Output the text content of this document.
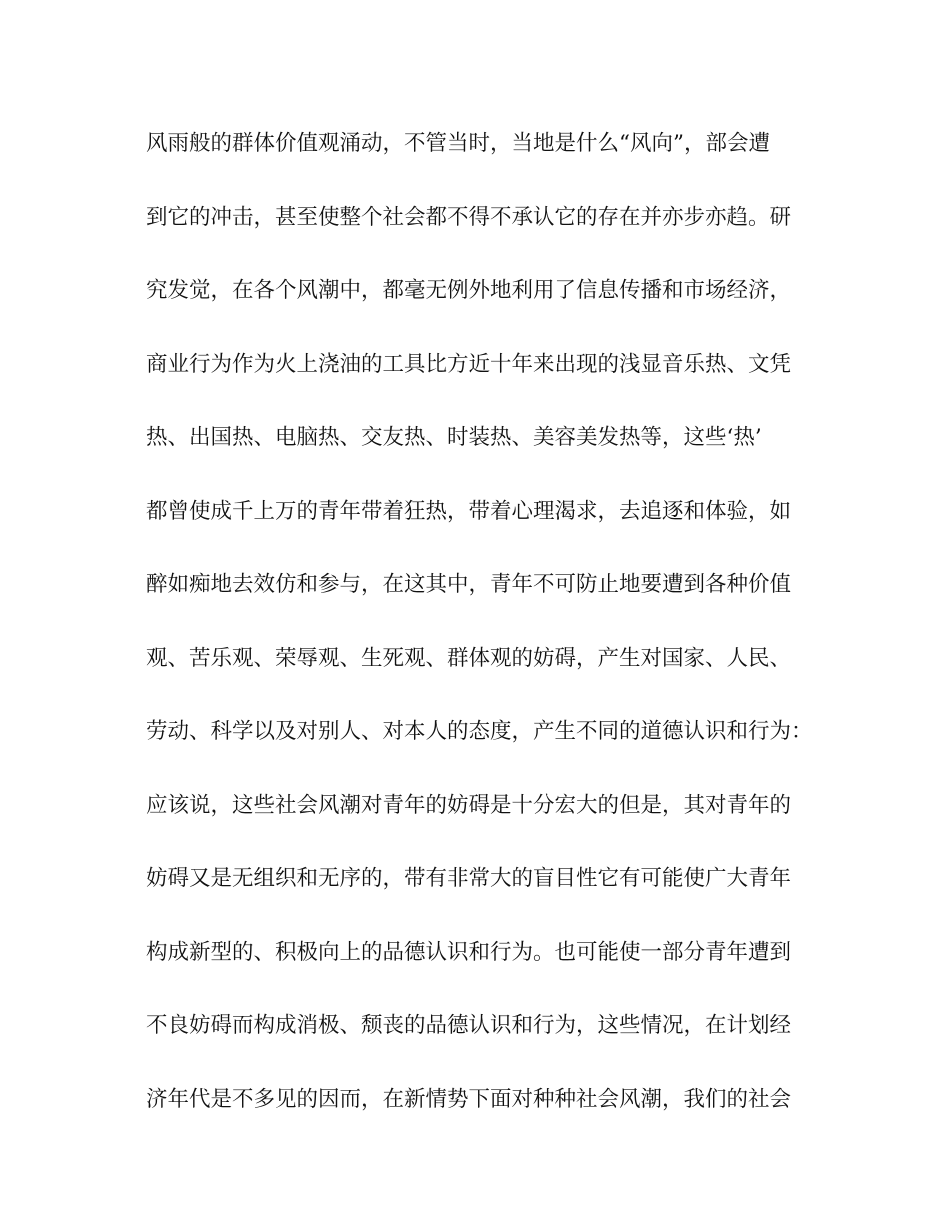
风雨般的群体价值观涌动，不管当时，当地是什么“风向”，部会遭
到它的冲击，甚至使整个社会都不得不承认它的存在并亦步亦趋。研
究发觉，在各个风潮中，都毫无例外地利用了信息传播和市场经济，
商业行为作为火上浇油的工具比方近十年来出现的浅显音乐热、文凭
热、出国热、电脑热、交友热、时装热、美容美发热等，这些‘热’
都曾使成千上万的青年带着狂热，带着心理渴求，去追逐和体验，如
醉如痴地去效仿和参与，在这其中，青年不可防止地要遭到各种价值
观、苦乐观、荣辱观、生死观、群体观的妨碍，产生对国家、人民、
劳动、科学以及对别人、对本人的态度，产生不同的道德认识和行为：
应该说，这些社会风潮对青年的妨碍是十分宏大的但是，其对青年的
妨碍又是无组织和无序的，带有非常大的盲目性它有可能使广大青年
构成新型的、积极向上的品德认识和行为。也可能使一部分青年遭到
不良妨碍而构成消极、颓丧的品德认识和行为，这些情况，在计划经
济年代是不多见的因而，在新情势下面对种种社会风潮，我们的社会
